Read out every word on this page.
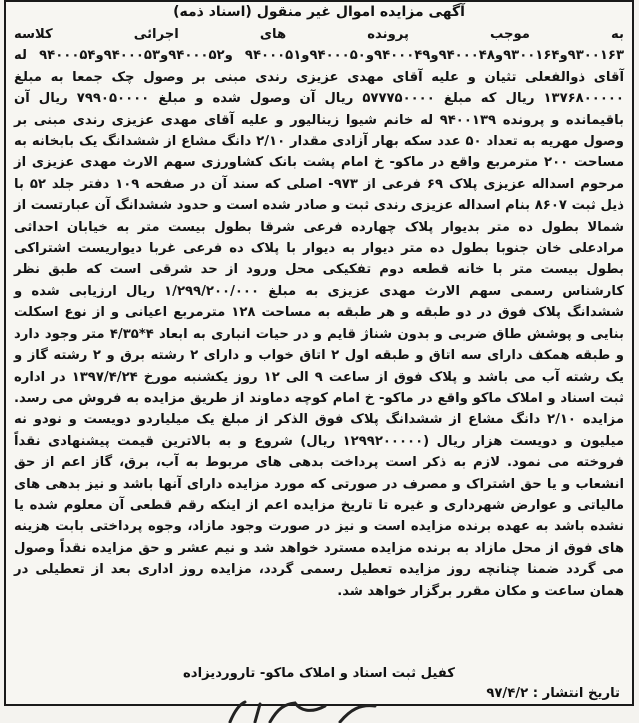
آگهی مزایده اموال غیر منقول (اسناد ذمه)
به موجب پرونده های اجرائی کلاسه ۹۳۰۰۱۶۳و۹۳۰۰۱۶۴و۹۴۰۰۰۴۸و۹۴۰۰۰۴۹و۹۴۰۰۰۵۰و۹۴۰۰۰۵۱ و۹۴۰۰۰۵۲و۹۴۰۰۰۵۳و۹۴۰۰۰۵۴ له آقای ذوالفعلی تثیان و علیه آقای مهدی عزیزی رندی مبنی بر وصول چک جمعا به مبلغ ۱۳۷۶۸۰۰۰۰۰ ریال که مبلغ ۵۷۷۷۵۰۰۰۰ ریال آن وصول شده و مبلغ ۷۹۹۰۵۰۰۰۰ ریال آن باقیمانده و پرونده ۹۴۰۰۱۳۹ له خانم شیوا زینالیور و علیه آقای مهدی عزیزی رندی مبنی بر وصول مهریه به تعداد ۵۰ عدد سکه بهار آزادی مقدار ۲/۱۰ دانگ مشاع از ششدانگ یک بابخانه به مساحت ۲۰۰ مترمربع واقع در ماکو- خ امام پشت بانک کشاورزی سهم الارث مهدی عزیزی از مرحوم اسداله عزیزی پلاک ۶۹ فرعی از ۹۷۳- اصلی که سند آن در صفحه ۱۰۹ دفتر جلد ۵۲ با ذیل ثبت ۸۶۰۷ بنام اسداله عزیزی رندی ثبت و صادر شده است و حدود ششدانگ آن عبارتست از شمالا بطول ده متر بدیوار پلاک چهارده فرعی شرقا بطول بیست متر به خیابان احداثی مرادعلی خان جنوبا بطول ده متر دیوار به دیوار با پلاک ده فرعی غربا دیواریست اشتراکی بطول بیست متر با خانه قطعه دوم تفکیکی محل ورود از حد شرقی است که طبق نظر کارشناس رسمی سهم الارث مهدی عزیزی به مبلغ ۱/۲۹۹/۲۰۰/۰۰۰ ریال ارزیابی شده و ششدانگ پلاک فوق در دو طبقه و هر طبقه به مساحت ۱۲۸ مترمربع اعیانی و از نوع اسکلت بنایی و پوشش طاق ضربی و بدون شناژ قایم و در حیات انباری به ابعاد ۴*۴/۳۵ متر وجود دارد و طبقه همکف دارای سه اتاق و طبقه اول ۲ اتاق خواب و دارای ۲ رشته برق و ۲ رشته گاز و یک رشته آب می باشد و پلاک فوق از ساعت ۹ الی ۱۲ روز یکشنبه مورخ ۱۳۹۷/۴/۲۴ در اداره ثبت اسناد و املاک ماکو واقع در ماکو- خ امام کوچه دماوند از طریق مزایده به فروش می رسد. مزایده ۲/۱۰ دانگ مشاع از ششدانگ پلاک فوق الذکر از مبلغ یک میلیاردو دویست و نودو نه میلیون و دویست هزار ریال (۱۲۹۹۲۰۰۰۰۰ ریال) شروع و به بالاترین قیمت پیشنهادی نقداً فروخته می نمود. لازم به ذکر است پرداخت بدهی های مربوط به آب، برق، گاز اعم از حق انشعاب و یا حق اشتراک و مصرف در صورتی که مورد مزایده دارای آنها باشد و نیز بدهی های مالیاتی و عوارض شهرداری و غیره تا تاریخ مزایده اعم از اینکه رقم قطعی آن معلوم شده یا نشده باشد به عهده برنده مزایده است و نیز در صورت وجود مازاد، وجوه پرداختی بابت هزینه های فوق از محل مازاد به برنده مزایده مسترد خواهد شد و نیم عشر و حق مزایده نقداً وصول می گردد ضمنا چنانچه روز مزایده تعطیل رسمی گردد، مزایده روز اداری بعد از تعطیلی در همان ساعت و مکان مقرر برگزار خواهد شد.
کفیل ثبت اسناد و املاک ماکو- تاروردیزاده
تاریخ انتشار : ۹۷/۴/۲
